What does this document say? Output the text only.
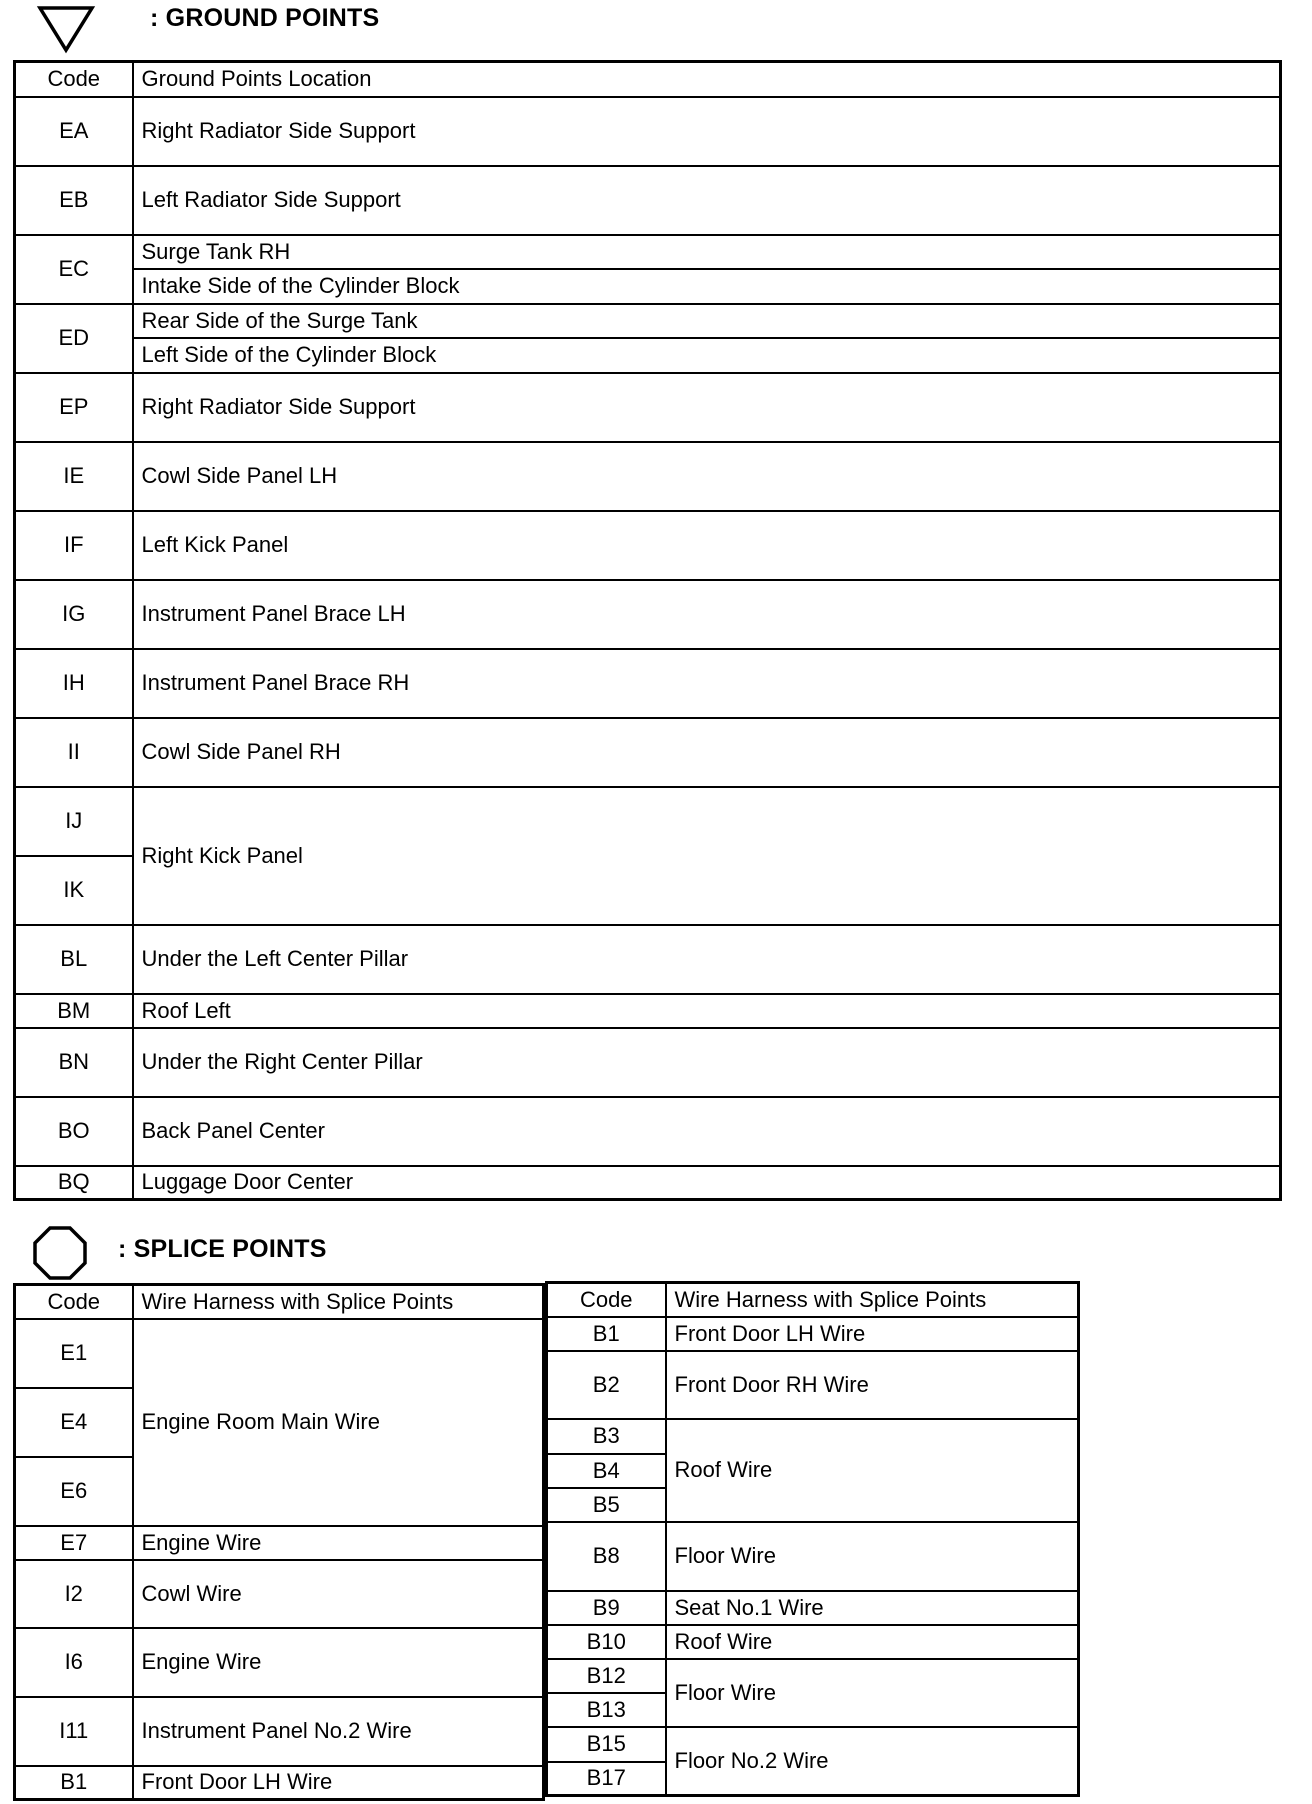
: GROUND POINTS
Code	Ground Points Location
EA	Right Radiator Side Support
EB	Left Radiator Side Support
EC	Surge Tank RH
	Intake Side of the Cylinder Block
ED	Rear Side of the Surge Tank
	Left Side of the Cylinder Block
EP	Right Radiator Side Support
IE	Cowl Side Panel LH
IF	Left Kick Panel
IG	Instrument Panel Brace LH
IH	Instrument Panel Brace RH
II	Cowl Side Panel RH
IJ	Right Kick Panel
IK	
BL	Under the Left Center Pillar
BM	Roof Left
BN	Under the Right Center Pillar
BO	Back Panel Center
BQ	Luggage Door Center
: SPLICE POINTS
Code	Wire Harness with Splice Points
E1	Engine Room Main Wire
E4	
E6	
E7	Engine Wire
I2	Cowl Wire
I6	Engine Wire
I11	Instrument Panel No.2 Wire
B1	Front Door LH Wire
Code	Wire Harness with Splice Points
B1	Front Door LH Wire
B2	Front Door RH Wire
B3	Roof Wire
B4	
B5	
B8	Floor Wire
B9	Seat No.1 Wire
B10	Roof Wire
B12	Floor Wire
B13	
B15	Floor No.2 Wire
B17	
